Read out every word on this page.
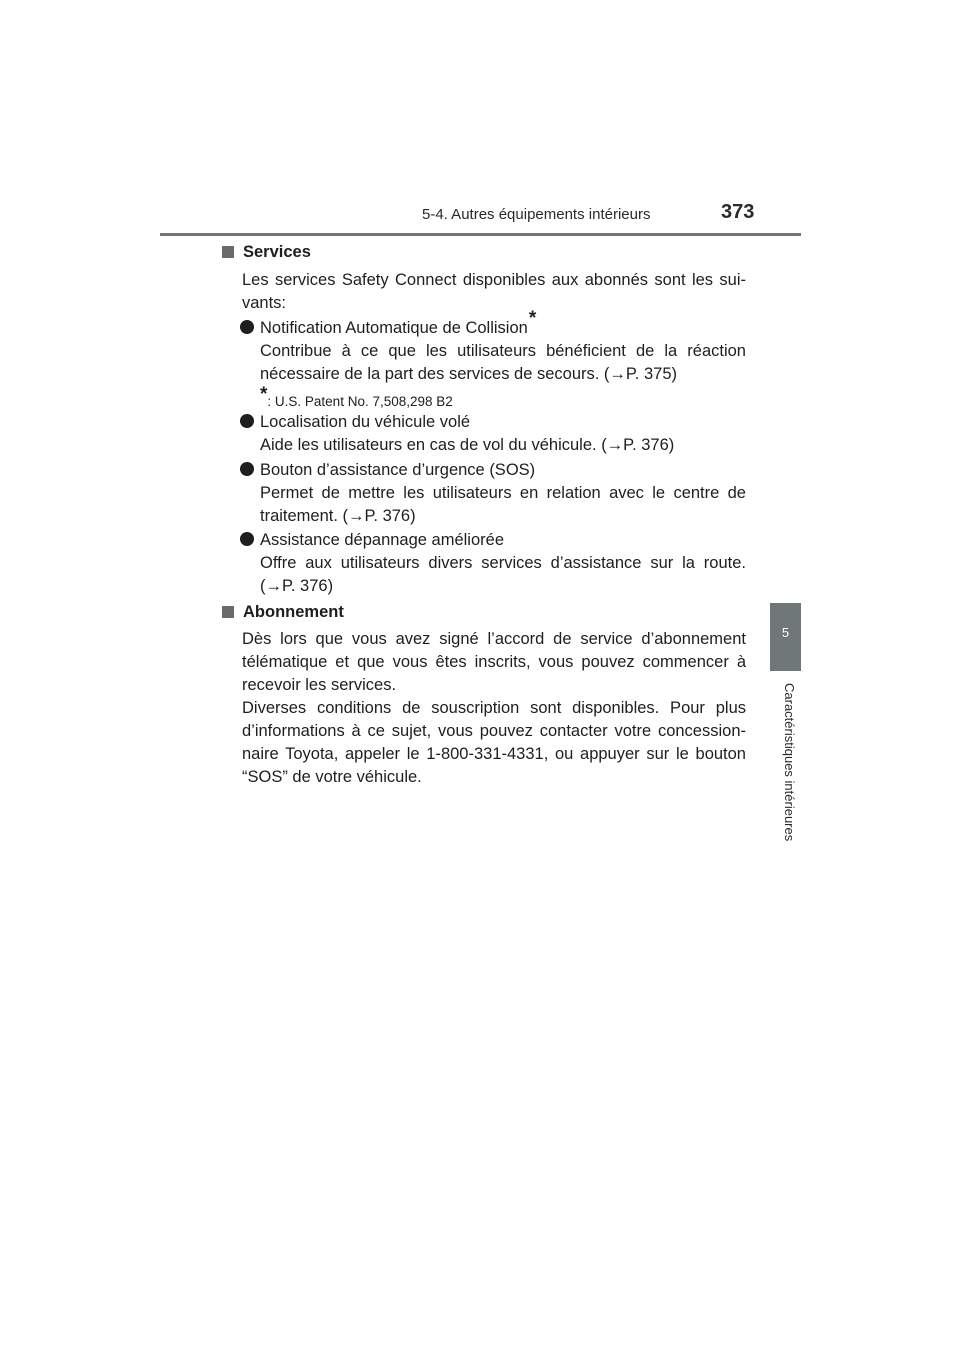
5-4. Autres équipements intérieurs	373
5
Caractéristiques intérieures
Services
Les services Safety Connect disponibles aux abonnés sont les sui-
vants:
Notification Automatique de Collision*
Contribue à ce que les utilisateurs bénéficient de la réaction
nécessaire de la part des services de secours. (→P. 375)
*: U.S. Patent No. 7,508,298 B2
Localisation du véhicule volé
Aide les utilisateurs en cas de vol du véhicule. (→P. 376)
Bouton d’assistance d’urgence (SOS)
Permet de mettre les utilisateurs en relation avec le centre de
traitement. (→P. 376)
Assistance dépannage améliorée
Offre aux utilisateurs divers services d’assistance sur la route.
(→P. 376)
Abonnement
Dès lors que vous avez signé l’accord de service d’abonnement
télématique et que vous êtes inscrits, vous pouvez commencer à
recevoir les services.
Diverses conditions de souscription sont disponibles. Pour plus
d’informations à ce sujet, vous pouvez contacter votre concession-
naire Toyota, appeler le 1-800-331-4331, ou appuyer sur le bouton
“SOS” de votre véhicule.
